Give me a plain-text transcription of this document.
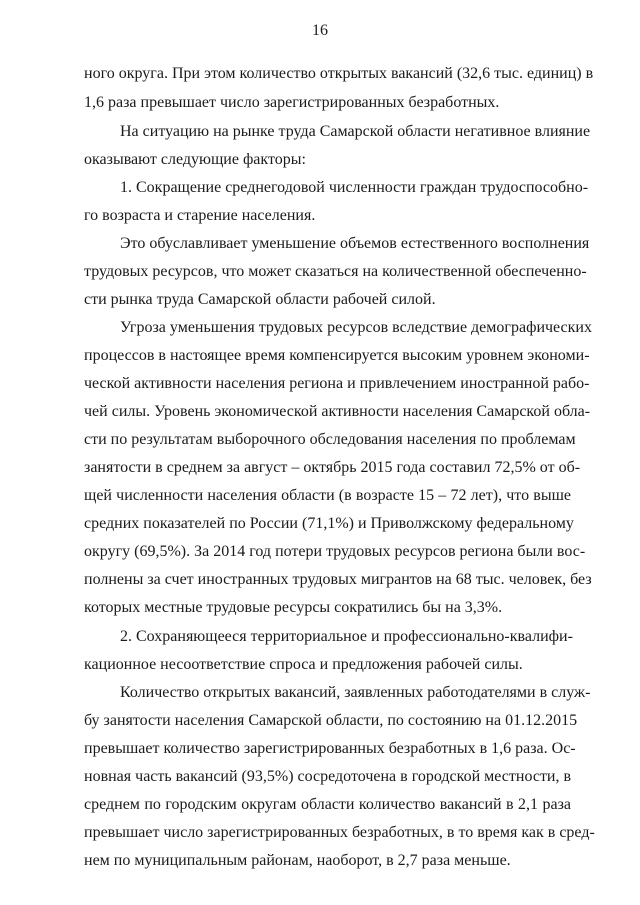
16
ного округа. При этом количество открытых вакансий (32,6 тыс. единиц) в
1,6 раза превышает число зарегистрированных безработных.
На ситуацию на рынке труда Самарской области негативное влияние
оказывают следующие факторы:
1. Сокращение среднегодовой численности граждан трудоспособно-
го возраста и старение населения.
Это обуславливает уменьшение объемов естественного восполнения
трудовых ресурсов, что может сказаться на количественной обеспеченно-
сти рынка труда Самарской области рабочей силой.
Угроза уменьшения трудовых ресурсов вследствие демографических
процессов в настоящее время компенсируется высоким уровнем экономи-
ческой активности населения региона и привлечением иностранной рабо-
чей силы. Уровень экономической активности населения Самарской обла-
сти по результатам выборочного обследования населения по проблемам
занятости в среднем за август – октябрь 2015 года составил 72,5% от об-
щей численности населения области (в возрасте 15 – 72 лет), что выше
средних показателей по России (71,1%) и Приволжскому федеральному
округу (69,5%). За 2014 год потери трудовых ресурсов региона были вос-
полнены за счет иностранных трудовых мигрантов на 68 тыс. человек, без
которых местные трудовые ресурсы сократились бы на 3,3%.
2. Сохраняющееся территориальное и профессионально-квалифи-
кационное несоответствие спроса и предложения рабочей силы.
Количество открытых вакансий, заявленных работодателями в служ-
бу занятости населения Самарской области, по состоянию на 01.12.2015
превышает количество зарегистрированных безработных в 1,6 раза. Ос-
новная часть вакансий (93,5%) сосредоточена в городской местности, в
среднем по городским округам области количество вакансий в 2,1 раза
превышает число зарегистрированных безработных, в то время как в сред-
нем по муниципальным районам, наоборот, в 2,7 раза меньше.
